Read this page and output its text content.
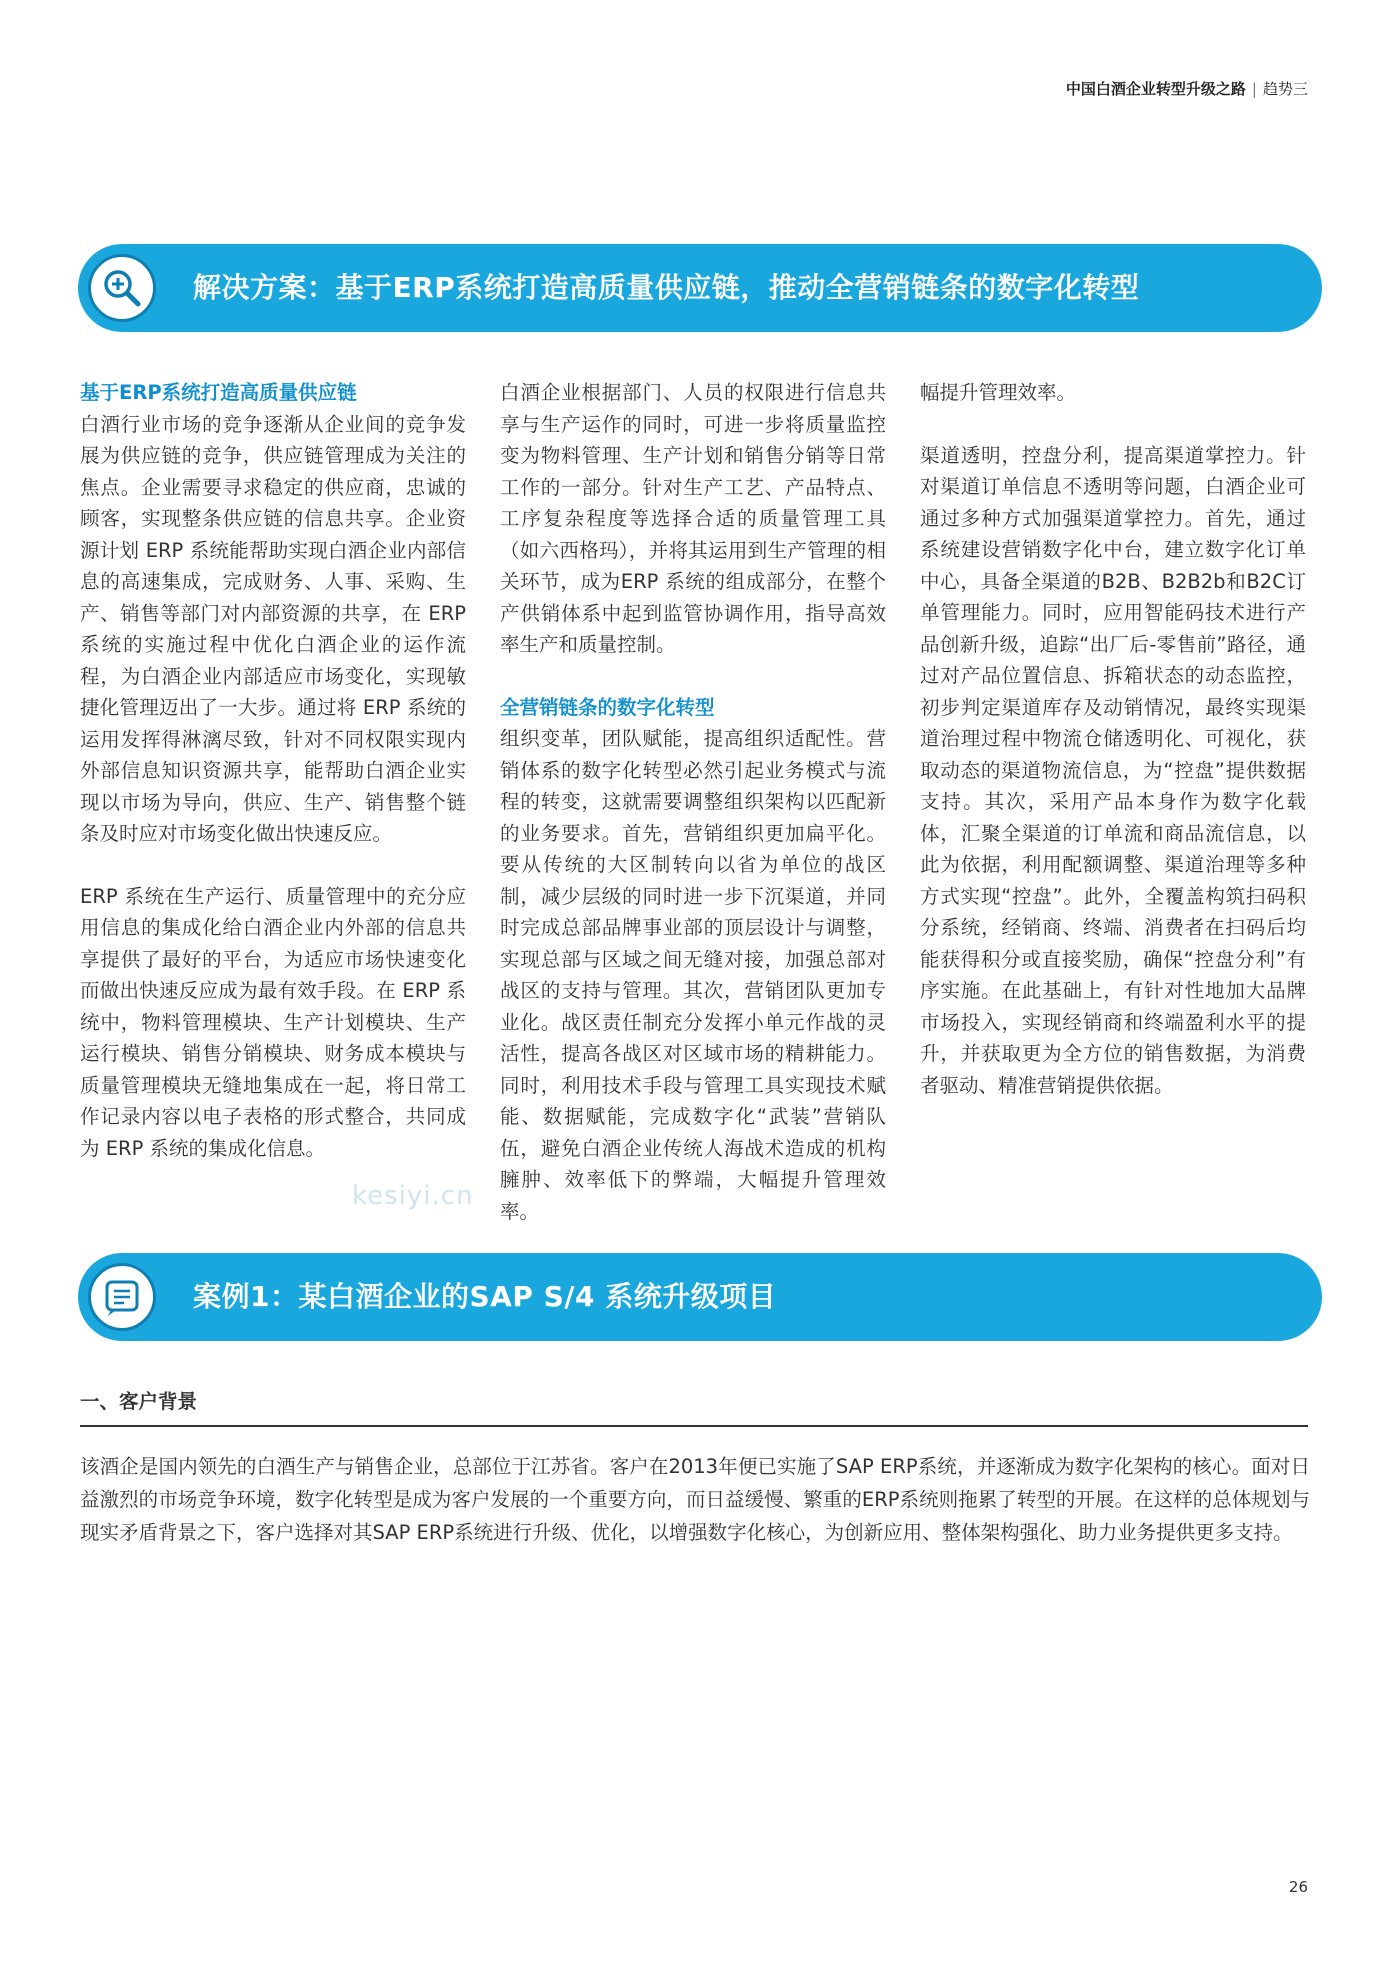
中国白酒企业转型升级之路 | 趋势三
解决方案：基于ERP系统打造高质量供应链，推动全营销链条的数字化转型

基于ERP系统打造高质量供应链

白酒行业市场的竞争逐渐从企业间的竞争发展为供应链的竞争，供应链管理成为关注的焦点。企业需要寻求稳定的供应商，忠诚的顾客，实现整条供应链的信息共享。企业资源计划 ERP 系统能帮助实现白酒企业内部信息的高速集成，完成财务、人事、采购、生产、销售等部门对内部资源的共享，在 ERP 系统的实施过程中优化白酒企业的运作流程，为白酒企业内部适应市场变化，实现敏捷化管理迈出了一大步。通过将 ERP 系统的运用发挥得淋漓尽致，针对不同权限实现内外部信息知识资源共享，能帮助白酒企业实现以市场为导向，供应、生产、销售整个链条及时应对市场变化做出快速反应。

ERP 系统在生产运行、质量管理中的充分应用信息的集成化给白酒企业内外部的信息共享提供了最好的平台，为适应市场快速变化而做出快速反应成为最有效手段。在 ERP 系统中，物料管理模块、生产计划模块、生产运行模块、销售分销模块、财务成本模块与质量管理模块无缝地集成在一起，将日常工作记录内容以电子表格的形式整合，共同成为 ERP 系统的集成化信息。

白酒企业根据部门、人员的权限进行信息共享与生产运作的同时，可进一步将质量监控变为物料管理、生产计划和销售分销等日常工作的一部分。针对生产工艺、产品特点、工序复杂程度等选择合适的质量管理工具（如六西格玛），并将其运用到生产管理的相关环节，成为ERP 系统的组成部分，在整个产供销体系中起到监管协调作用，指导高效率生产和质量控制。

全营销链条的数字化转型

组织变革，团队赋能，提高组织适配性。营销体系的数字化转型必然引起业务模式与流程的转变，这就需要调整组织架构以匹配新的业务要求。首先，营销组织更加扁平化。要从传统的大区制转向以省为单位的战区制，减少层级的同时进一步下沉渠道，并同时完成总部品牌事业部的顶层设计与调整，实现总部与区域之间无缝对接，加强总部对战区的支持与管理。其次，营销团队更加专业化。战区责任制充分发挥小单元作战的灵活性，提高各战区对区域市场的精耕能力。同时，利用技术手段与管理工具实现技术赋能、数据赋能，完成数字化“武装”营销队伍，避免白酒企业传统人海战术造成的机构臃肿、效率低下的弊端，大幅提升管理效率。

幅提升管理效率。

渠道透明，控盘分利，提高渠道掌控力。针对渠道订单信息不透明等问题，白酒企业可通过多种方式加强渠道掌控力。首先，通过系统建设营销数字化中台，建立数字化订单中心，具备全渠道的B2B、B2B2b和B2C订单管理能力。同时，应用智能码技术进行产品创新升级，追踪“出厂后-零售前”路径，通过对产品位置信息、拆箱状态的动态监控，初步判定渠道库存及动销情况，最终实现渠道治理过程中物流仓储透明化、可视化，获取动态的渠道物流信息，为“控盘”提供数据支持。其次，采用产品本身作为数字化载体，汇聚全渠道的订单流和商品流信息，以此为依据，利用配额调整、渠道治理等多种方式实现“控盘”。此外，全覆盖构筑扫码积分系统，经销商、终端、消费者在扫码后均能获得积分或直接奖励，确保“控盘分利”有序实施。在此基础上，有针对性地加大品牌市场投入，实现经销商和终端盈利水平的提升，并获取更为全方位的销售数据，为消费者驱动、精准营销提供依据。

kesiyi.cn
案例1：某白酒企业的SAP S/4 系统升级项目
一、客户背景
该酒企是国内领先的白酒生产与销售企业，总部位于江苏省。客户在2013年便已实施了SAP ERP系统，并逐渐成为数字化架构的核心。面对日益激烈的市场竞争环境，数字化转型是成为客户发展的一个重要方向，而日益缓慢、繁重的ERP系统则拖累了转型的开展。在这样的总体规划与现实矛盾背景之下，客户选择对其SAP ERP系统进行升级、优化，以增强数字化核心，为创新应用、整体架构强化、助力业务提供更多支持。
26
